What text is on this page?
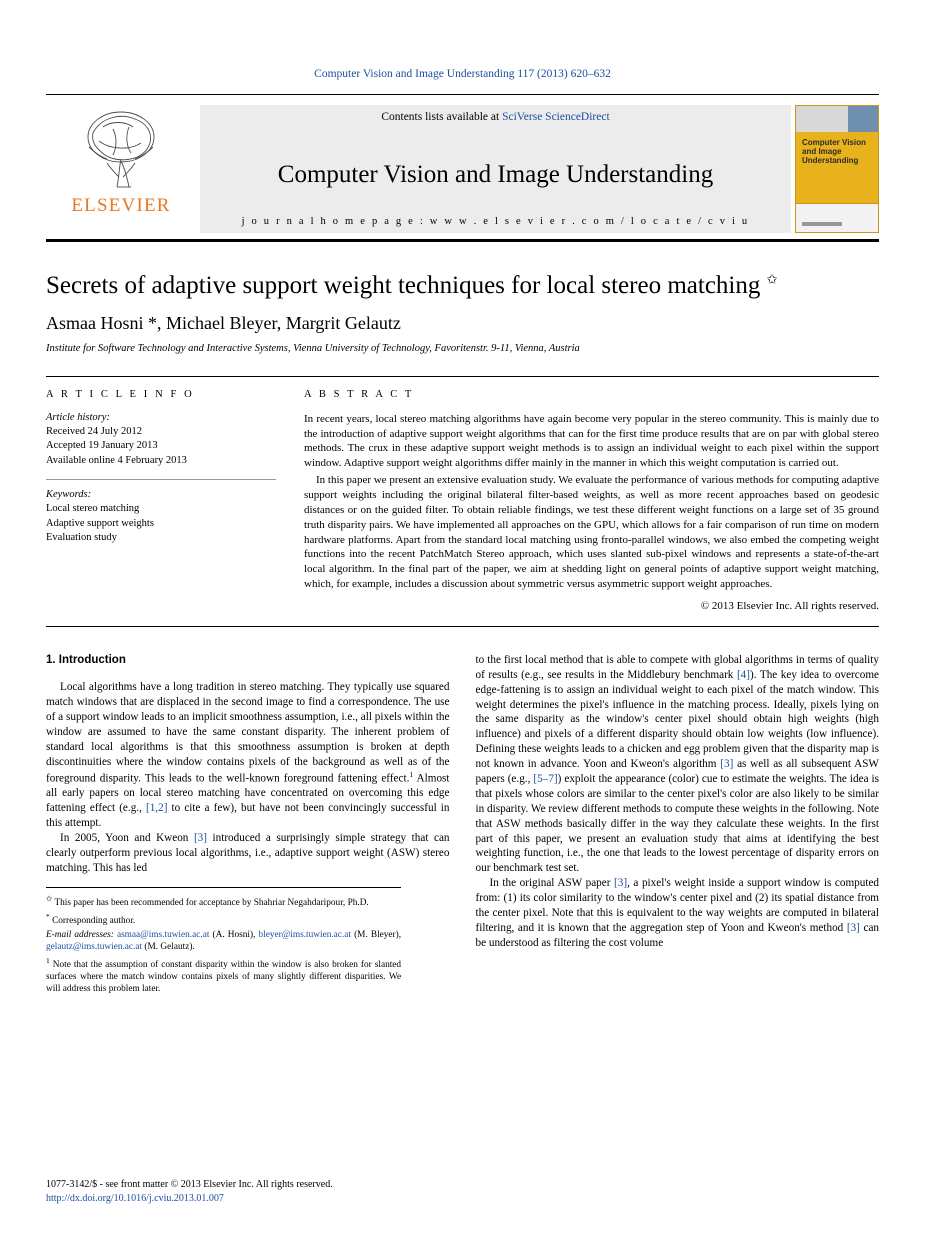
Computer Vision and Image Understanding 117 (2013) 620–632
ELSEVIER
Contents lists available at SciVerse ScienceDirect
Computer Vision and Image Understanding
j o u r n a l h o m e p a g e : w w w . e l s e v i e r . c o m / l o c a t e / c v i u
Computer Vision and Image Understanding
Secrets of adaptive support weight techniques for local stereo matching ✩
Asmaa Hosni *, Michael Bleyer, Margrit Gelautz
Institute for Software Technology and Interactive Systems, Vienna University of Technology, Favoritenstr. 9-11, Vienna, Austria
A R T I C L E I N F O
Article history:
Received 24 July 2012
Accepted 19 January 2013
Available online 4 February 2013
Keywords:
Local stereo matching
Adaptive support weights
Evaluation study
A B S T R A C T

In recent years, local stereo matching algorithms have again become very popular in the stereo community. This is mainly due to the introduction of adaptive support weight algorithms that can for the first time produce results that are on par with global stereo methods. The crux in these adaptive support weight methods is to assign an individual weight to each pixel within the support window. Adaptive support weight algorithms differ mainly in the manner in which this weight computation is carried out.

In this paper we present an extensive evaluation study. We evaluate the performance of various methods for computing adaptive support weights including the original bilateral filter-based weights, as well as more recent approaches based on geodesic distances or on the guided filter. To obtain reliable findings, we test these different weight functions on a large set of 35 ground truth disparity pairs. We have implemented all approaches on the GPU, which allows for a fair comparison of run time on modern hardware platforms. Apart from the standard local matching using fronto-parallel windows, we also embed the competing weight functions into the recent PatchMatch Stereo approach, which uses slanted sub-pixel windows and represents a state-of-the-art local algorithm. In the final part of the paper, we aim at shedding light on general points of adaptive support weight matching, which, for example, includes a discussion about symmetric versus asymmetric support weight approaches.

© 2013 Elsevier Inc. All rights reserved.
1. Introduction

Local algorithms have a long tradition in stereo matching. They typically use squared match windows that are displaced in the second image to find a correspondence. The use of a support window leads to an implicit smoothness assumption, i.e., all pixels within the window are assumed to have the same constant disparity. The inherent problem of standard local algorithms is that this smoothness assumption is broken at depth discontinuities where the window contains pixels of the background as well as of the foreground disparity. This leads to the well-known foreground fattening effect.$^1$ Almost all early papers on local stereo matching have concentrated on overcoming this edge fattening effect (e.g., [1,2] to cite a few), but have not been convincingly successful in this attempt.

In 2005, Yoon and Kweon [3] introduced a surprisingly simple strategy that can clearly outperform previous local algorithms, i.e., adaptive support weight (ASW) stereo matching. This has led

✩ This paper has been recommended for acceptance by Shahriar Negahdaripour, Ph.D.
* Corresponding author.
E-mail addresses: asmaa@ims.tuwien.ac.at (A. Hosni), bleyer@ims.tuwien.ac.at (M. Bleyer), gelautz@ims.tuwien.ac.at (M. Gelautz).
$^1$ Note that the assumption of constant disparity within the window is also broken for slanted surfaces where the match window contains pixels of many slightly different disparities. We will address this problem later.

to the first local method that is able to compete with global algorithms in terms of quality of results (e.g., see results in the Middlebury benchmark [4]). The key idea to overcome edge-fattening is to assign an individual weight to each pixel of the match window. This weight determines the pixel's influence in the matching process. Ideally, pixels lying on the same disparity as the window's center pixel should obtain high weights (high influence) and pixels of a different disparity should obtain low weights (low influence). Defining these weights leads to a chicken and egg problem given that the disparity map is not known in advance. Yoon and Kweon's algorithm [3] as well as all subsequent ASW papers (e.g., [5–7]) exploit the appearance (color) cue to estimate the weights. The idea is that pixels whose colors are similar to the center pixel's color are also likely to be similar in disparity. We review different methods to compute these weights in the following. Note that ASW methods basically differ in the way they calculate these weights. In the first part of this paper, we present an evaluation study that aims at identifying the best weighting function, i.e., the one that leads to the lowest percentage of disparity errors on our benchmark test set.

In the original ASW paper [3], a pixel's weight inside a support window is computed from: (1) its color similarity to the window's center pixel and (2) its spatial distance from the center pixel. Note that this is equivalent to the way weights are computed in bilateral filtering, and it is known that the aggregation step of Yoon and Kweon's method [3] can be understood as filtering the cost volume

1077-3142/$ - see front matter © 2013 Elsevier Inc. All rights reserved.
http://dx.doi.org/10.1016/j.cviu.2013.01.007
